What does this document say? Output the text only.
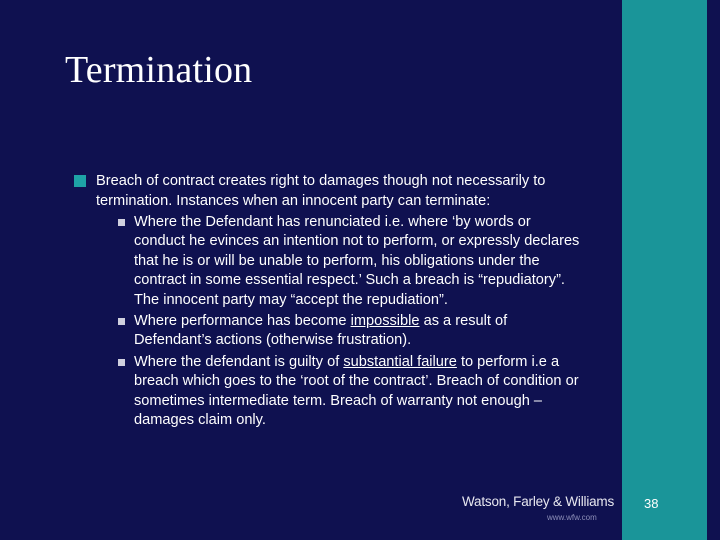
Termination
Breach of contract creates right to damages though not necessarily to termination. Instances when an innocent party can terminate:
Where the Defendant has renunciated i.e. where ‘by words or conduct he evinces an intention not to perform, or expressly declares that he is or will be unable to perform, his obligations under the contract in some essential respect.’ Such a breach is “repudiatory”. The innocent party may “accept the repudiation”.
Where performance has become impossible as a result of Defendant’s actions (otherwise frustration).
Where the defendant is guilty of substantial failure to perform i.e a breach which goes to the ‘root of the contract’. Breach of condition or sometimes intermediate term. Breach of warranty not enough – damages claim only.
Watson, Farley & Williams
www.wfw.com
38
